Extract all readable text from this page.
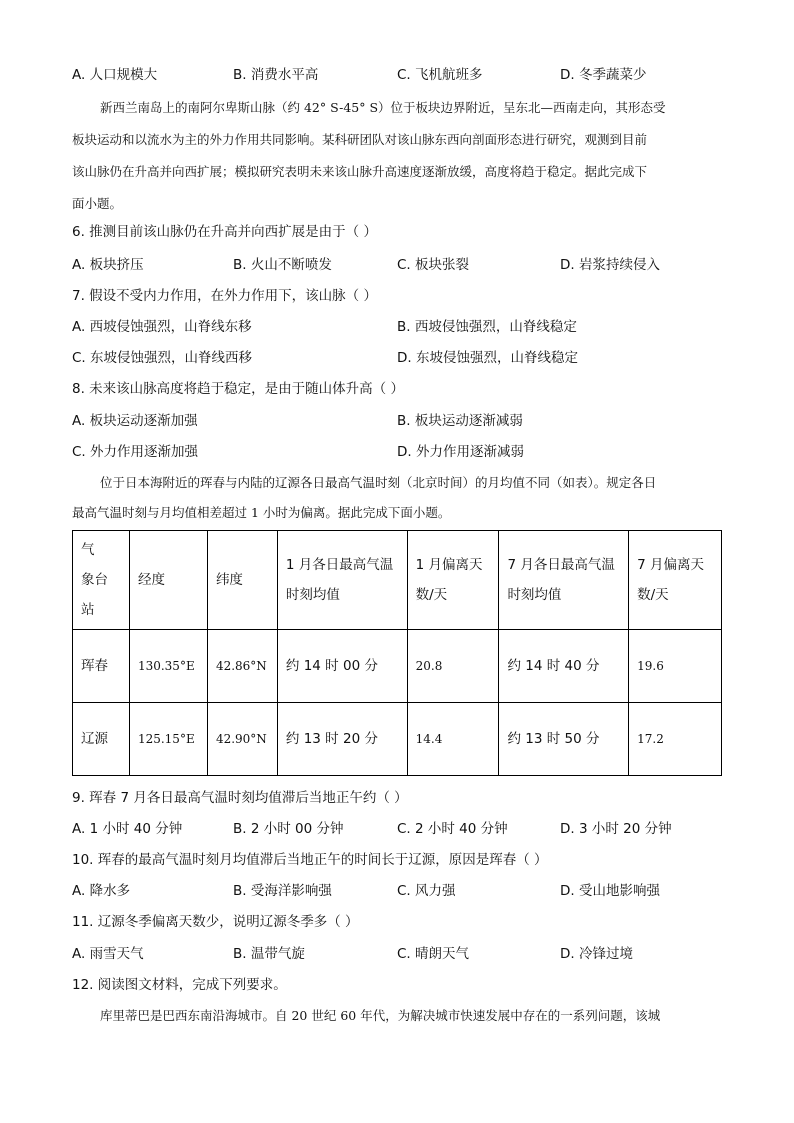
A. 人口规模大	B. 消费水平高	C. 飞机航班多	D. 冬季蔬菜少
新西兰南岛上的南阿尔卑斯山脉（约 42° S-45° S）位于板块边界附近，呈东北—西南走向，其形态受
板块运动和以流水为主的外力作用共同影响。某科研团队对该山脉东西向剖面形态进行研究，观测到目前
该山脉仍在升高并向西扩展；模拟研究表明未来该山脉升高速度逐渐放缓，高度将趋于稳定。据此完成下
面小题。
6. 推测目前该山脉仍在升高并向西扩展是由于（ ）
A. 板块挤压	B. 火山不断喷发	C. 板块张裂	D. 岩浆持续侵入
7. 假设不受内力作用，在外力作用下，该山脉（ ）
A. 西坡侵蚀强烈，山脊线东移	B. 西坡侵蚀强烈，山脊线稳定
C. 东坡侵蚀强烈，山脊线西移	D. 东坡侵蚀强烈，山脊线稳定
8. 未来该山脉高度将趋于稳定，是由于随山体升高（ ）
A. 板块运动逐渐加强	B. 板块运动逐渐减弱
C. 外力作用逐渐加强	D. 外力作用逐渐减弱
位于日本海附近的珲春与内陆的辽源各日最高气温时刻（北京时间）的月均值不同（如表）。规定各日
最高气温时刻与月均值相差超过 1 小时为偏离。据此完成下面小题。
气　象台站	经度	纬度	1 月各日最高气温时刻均值	1 月偏离天数/天	7 月各日最高气温时刻均值	7 月偏离天数/天
珲春	130.35°E	42.86°N	约 14 时 00 分	20.8	约 14 时 40 分	19.6
辽源	125.15°E	42.90°N	约 13 时 20 分	14.4	约 13 时 50 分	17.2
9. 珲春 7 月各日最高气温时刻均值滞后当地正午约（ ）
A. 1 小时 40 分钟	B. 2 小时 00 分钟	C. 2 小时 40 分钟	D. 3 小时 20 分钟
10. 珲春的最高气温时刻月均值滞后当地正午的时间长于辽源，原因是珲春（ ）
A. 降水多	B. 受海洋影响强	C. 风力强	D. 受山地影响强
11. 辽源冬季偏离天数少，说明辽源冬季多（ ）
A. 雨雪天气	B. 温带气旋	C. 晴朗天气	D. 冷锋过境
12. 阅读图文材料，完成下列要求。
库里蒂巴是巴西东南沿海城市。自 20 世纪 60 年代，为解决城市快速发展中存在的一系列问题，该城
